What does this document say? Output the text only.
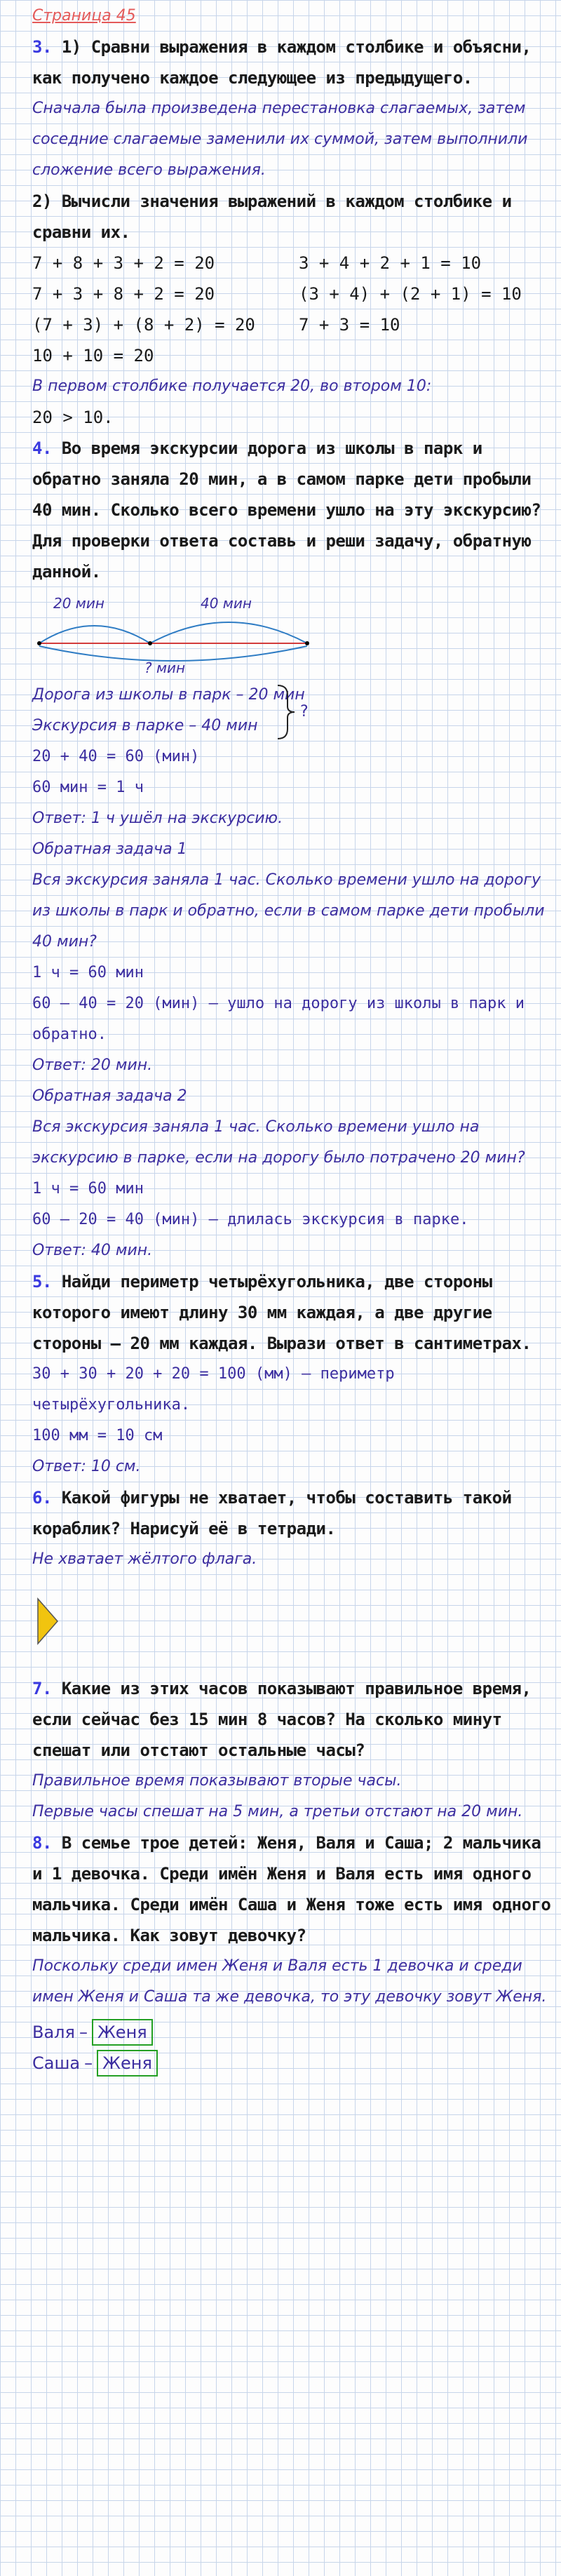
Страница 45

3. 1) Сравни выражения в каждом столбике и объясни, как получено каждое следующее из предыдущего.

Сначала была произведена перестановка слагаемых, затем соседние слагаемые заменили их суммой, затем выполнили сложение всего выражения.

2) Вычисли значения выражений в каждом столбике и сравни их.

7 + 8 + 3 + 2 = 20

7 + 3 + 8 + 2 = 20

(7 + 3) + (8 + 2) = 20

10 + 10 = 20

3 + 4 + 2 + 1 = 10

(3 + 4) + (2 + 1) = 10

7 + 3 = 10

В первом столбике получается 20, во втором 10:

20 > 10.

4. Во время экскурсии дорога из школы в парк и обратно заняла 20 мин, а в самом парке дети пробыли 40 мин. Сколько всего времени ушло на эту экскурсию? Для проверки ответа составь и реши задачу, обратную данной.

20 мин	40 мин
? мин

Дорога из школы в парк – 20 мин

Экскурсия в парке – 40 мин

?

20 + 40 = 60 (мин)

60 мин = 1 ч

Ответ: 1 ч ушёл на экскурсию.

Обратная задача 1

Вся экскурсия заняла 1 час. Сколько времени ушло на дорогу из школы в парк и обратно, если в самом парке дети пробыли 40 мин?

1 ч = 60 мин

60 – 40 = 20 (мин) – ушло на дорогу из школы в парк и обратно.

Ответ: 20 мин.

Обратная задача 2

Вся экскурсия заняла 1 час. Сколько времени ушло на экскурсию в парке, если на дорогу было потрачено 20 мин?

1 ч = 60 мин

60 – 20 = 40 (мин) – длилась экскурсия в парке.

Ответ: 40 мин.

5. Найди периметр четырёхугольника, две стороны которого имеют длину 30 мм каждая, а две другие стороны – 20 мм каждая. Вырази ответ в сантиметрах.

30 + 30 + 20 + 20 = 100 (мм) – периметр четырёхугольника.

100 мм = 10 см

Ответ: 10 см.

6. Какой фигуры не хватает, чтобы составить такой кораблик? Нарисуй её в тетради.

Не хватает жёлтого флага.

7. Какие из этих часов показывают правильное время, если сейчас без 15 мин 8 часов? На сколько минут спешат или отстают остальные часы?

Правильное время показывают вторые часы.

Первые часы спешат на 5 мин, а третьи отстают на 20 мин.

8. В семье трое детей: Женя, Валя и Саша; 2 мальчика и 1 девочка. Среди имён Женя и Валя есть имя одного мальчика. Среди имён Саша и Женя тоже есть имя одного мальчика. Как зовут девочку?

Поскольку среди имен Женя и Валя есть 1 девочка и среди имен Женя и Саша та же девочка, то эту девочку зовут Женя.

Валя – Женя
Саша – Женя
